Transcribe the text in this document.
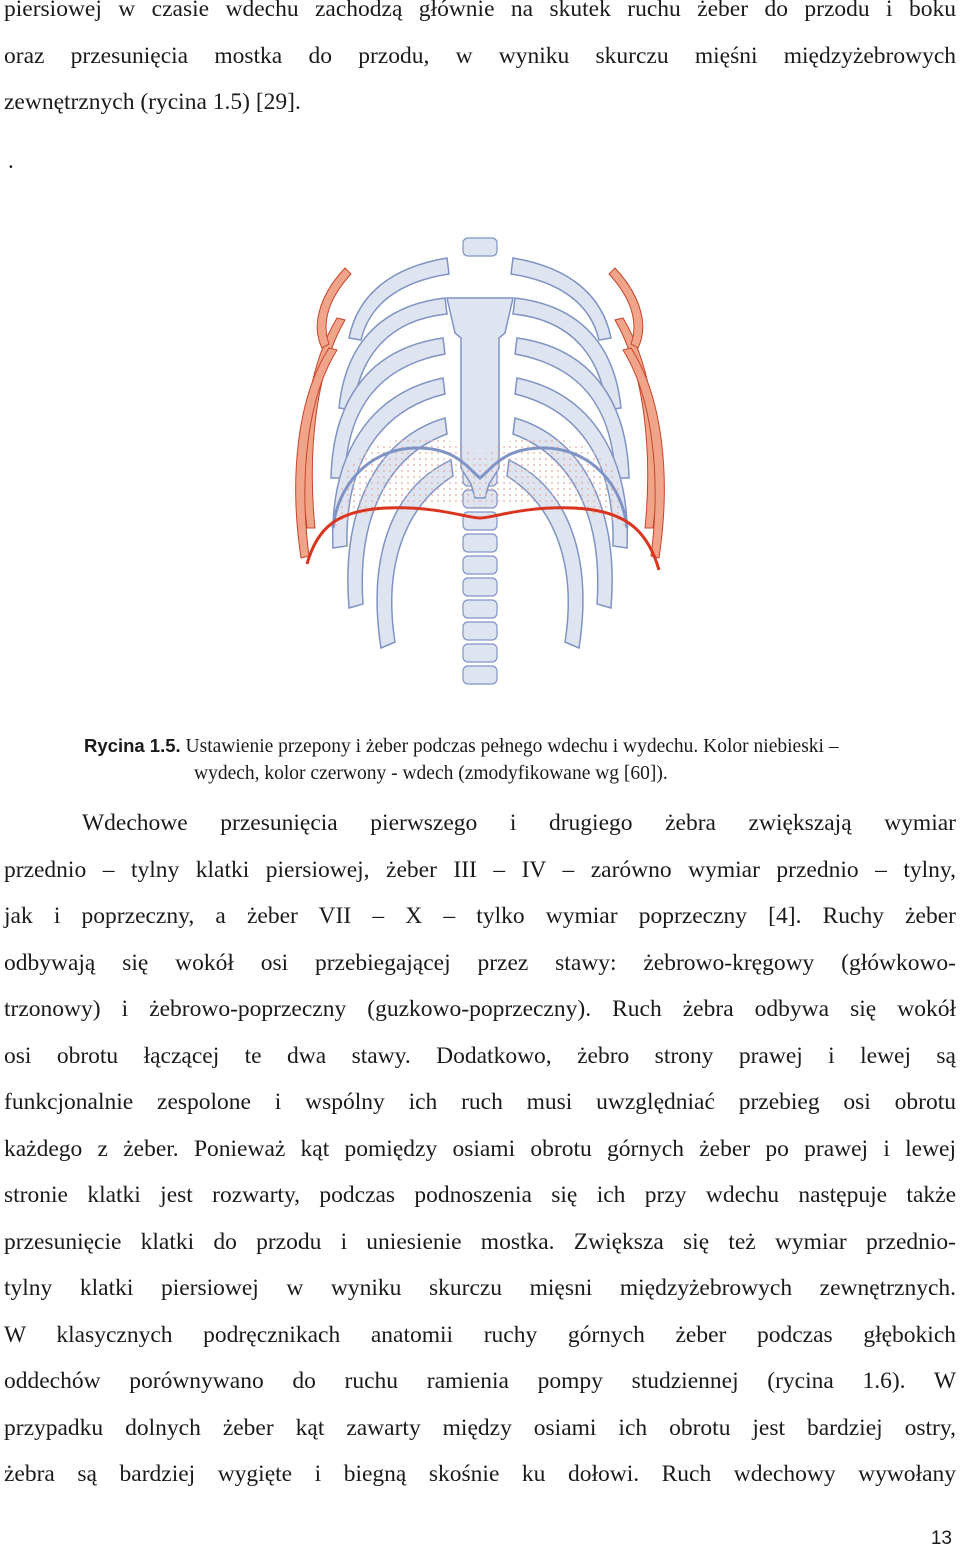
piersiowej w czasie wdechu zachodzą głównie na skutek ruchu żeber do przodu i boku
oraz przesunięcia mostka do przodu, w wyniku skurczu mięśni międzyżebrowych
zewnętrznych (rycina 1.5) [29].
.
Rycina 1.5. Ustawienie przepony i żeber podczas pełnego wdechu i wydechu. Kolor niebieski –
wydech, kolor czerwony - wdech (zmodyfikowane wg [60]).
Wdechowe przesunięcia pierwszego i drugiego żebra zwiększają wymiar
przednio – tylny klatki piersiowej, żeber III – IV – zarówno wymiar przednio – tylny,
jak i poprzeczny, a żeber VII – X – tylko wymiar poprzeczny [4]. Ruchy żeber
odbywają się wokół osi przebiegającej przez stawy: żebrowo-kręgowy (główkowo-
trzonowy) i żebrowo-poprzeczny (guzkowo-poprzeczny). Ruch żebra odbywa się wokół
osi obrotu łączącej te dwa stawy. Dodatkowo, żebro strony prawej i lewej są
funkcjonalnie zespolone i wspólny ich ruch musi uwzględniać przebieg osi obrotu
każdego z żeber. Ponieważ kąt pomiędzy osiami obrotu górnych żeber po prawej i lewej
stronie klatki jest rozwarty, podczas podnoszenia się ich przy wdechu następuje także
przesunięcie klatki do przodu i uniesienie mostka. Zwiększa się też wymiar przednio-
tylny klatki piersiowej w wyniku skurczu mięsni międzyżebrowych zewnętrznych.
W klasycznych podręcznikach anatomii ruchy górnych żeber podczas głębokich
oddechów porównywano do ruchu ramienia pompy studziennej (rycina 1.6). W
przypadku dolnych żeber kąt zawarty między osiami ich obrotu jest bardziej ostry,
żebra są bardziej wygięte i biegną skośnie ku dołowi. Ruch wdechowy wywołany
13
